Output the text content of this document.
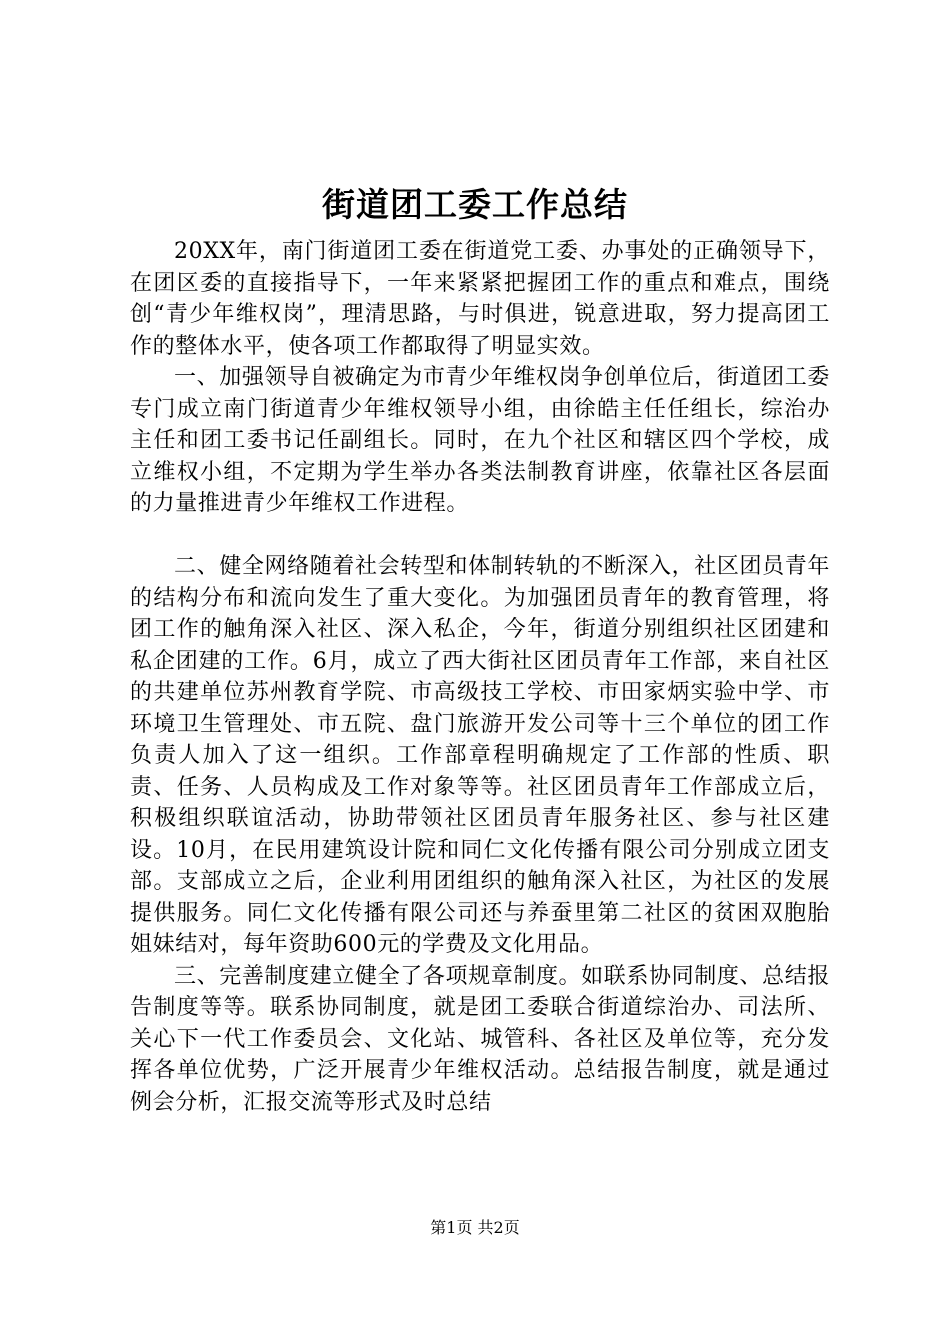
街道团工委工作总结

20XX年，南门街道团工委在街道党工委、办事处的正确领导下，在团区委的直接指导下，一年来紧紧把握团工作的重点和难点，围绕创“青少年维权岗”，理清思路，与时俱进，锐意进取，努力提高团工作的整体水平，使各项工作都取得了明显实效。

一、加强领导自被确定为市青少年维权岗争创单位后，街道团工委专门成立南门街道青少年维权领导小组，由徐皓主任任组长，综治办主任和团工委书记任副组长。同时，在九个社区和辖区四个学校，成立维权小组，不定期为学生举办各类法制教育讲座，依靠社区各层面的力量推进青少年维权工作进程。

二、健全网络随着社会转型和体制转轨的不断深入，社区团员青年的结构分布和流向发生了重大变化。为加强团员青年的教育管理，将团工作的触角深入社区、深入私企，今年，街道分别组织社区团建和私企团建的工作。6月，成立了西大街社区团员青年工作部，来自社区的共建单位苏州教育学院、市高级技工学校、市田家炳实验中学、市环境卫生管理处、市五院、盘门旅游开发公司等十三个单位的团工作负责人加入了这一组织。工作部章程明确规定了工作部的性质、职责、任务、人员构成及工作对象等等。社区团员青年工作部成立后，积极组织联谊活动，协助带领社区团员青年服务社区、参与社区建设。10月，在民用建筑设计院和同仁文化传播有限公司分别成立团支部。支部成立之后，企业利用团组织的触角深入社区，为社区的发展提供服务。同仁文化传播有限公司还与养蚕里第二社区的贫困双胞胎姐妹结对，每年资助600元的学费及文化用品。

三、完善制度建立健全了各项规章制度。如联系协同制度、总结报告制度等等。联系协同制度，就是团工委联合街道综治办、司法所、关心下一代工作委员会、文化站、城管科、各社区及单位等，充分发挥各单位优势，广泛开展青少年维权活动。总结报告制度，就是通过例会分析，汇报交流等形式及时总结

第1页 共2页
